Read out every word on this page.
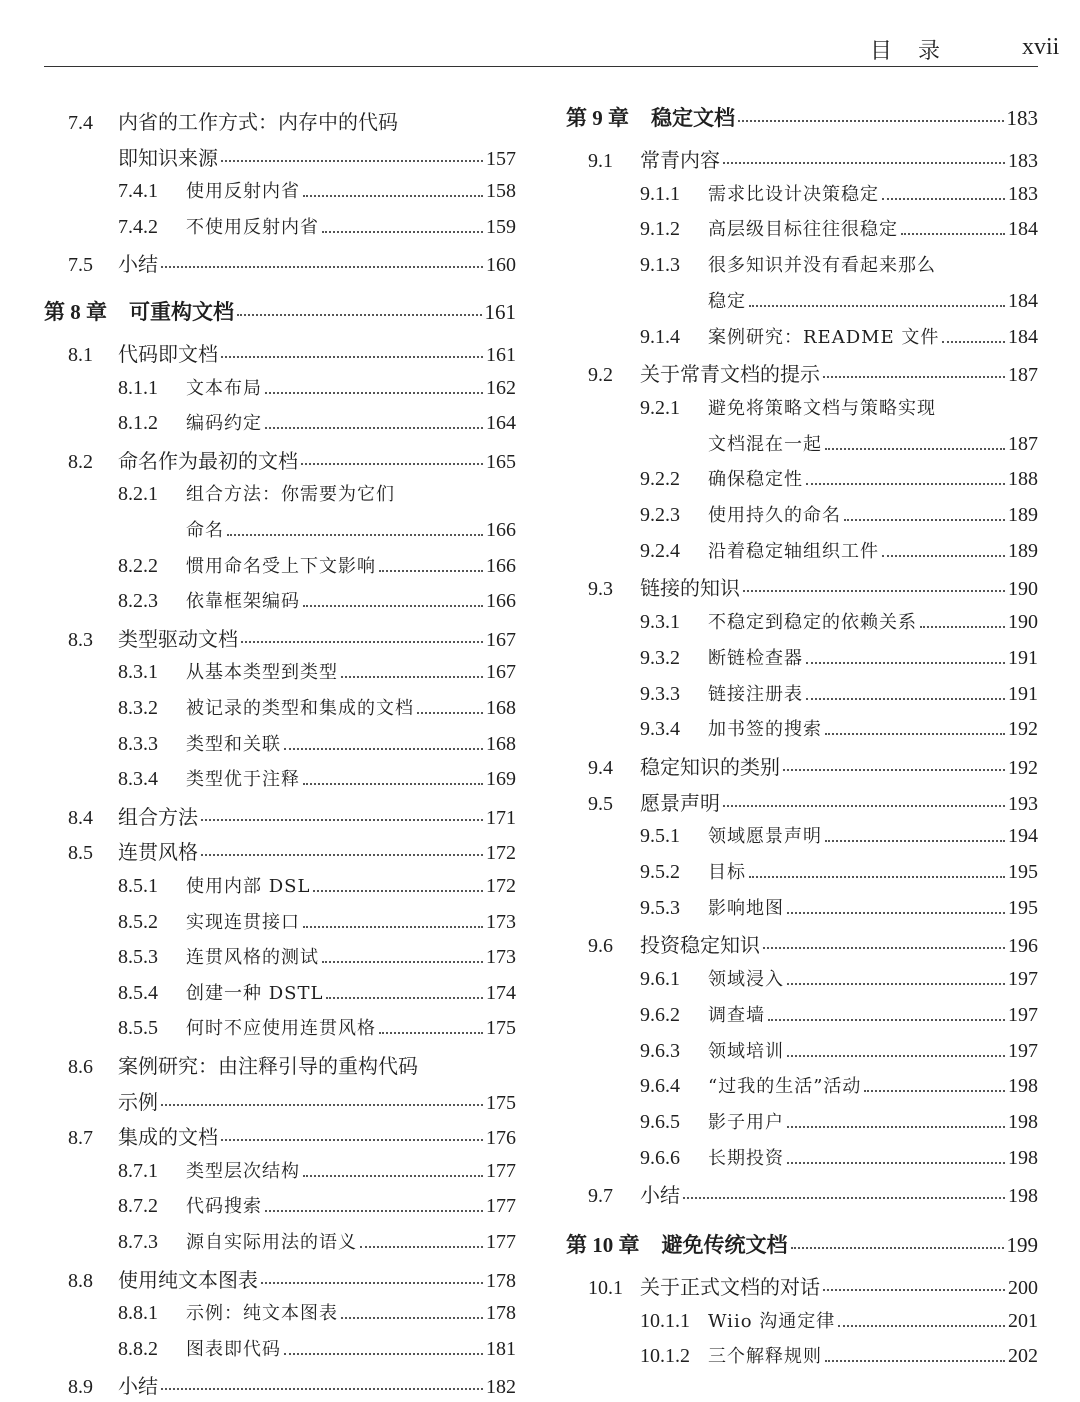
目　录	xvii
7.4	内省的工作方式：内存中的代码
即知识来源	157
7.4.1	使用反射内省	158
7.4.2	不使用反射内省	159
7.5	小结	160
第 8 章 可重构文档	161
8.1	代码即文档	161
8.1.1	文本布局	162
8.1.2	编码约定	164
8.2	命名作为最初的文档	165
8.2.1	组合方法：你需要为它们
命名	166
8.2.2	惯用命名受上下文影响	166
8.2.3	依靠框架编码	166
8.3	类型驱动文档	167
8.3.1	从基本类型到类型	167
8.3.2	被记录的类型和集成的文档	168
8.3.3	类型和关联	168
8.3.4	类型优于注释	169
8.4	组合方法	171
8.5	连贯风格	172
8.5.1	使用内部 DSL	172
8.5.2	实现连贯接口	173
8.5.3	连贯风格的测试	173
8.5.4	创建一种 DSTL	174
8.5.5	何时不应使用连贯风格	175
8.6	案例研究：由注释引导的重构代码
示例	175
8.7	集成的文档	176
8.7.1	类型层次结构	177
8.7.2	代码搜索	177
8.7.3	源自实际用法的语义	177
8.8	使用纯文本图表	178
8.8.1	示例：纯文本图表	178
8.8.2	图表即代码	181
8.9	小结	182
第 9 章 稳定文档	183
9.1	常青内容	183
9.1.1	需求比设计决策稳定	183
9.1.2	高层级目标往往很稳定	184
9.1.3	很多知识并没有看起来那么
稳定	184
9.1.4	案例研究：README 文件	184
9.2	关于常青文档的提示	187
9.2.1	避免将策略文档与策略实现
文档混在一起	187
9.2.2	确保稳定性	188
9.2.3	使用持久的命名	189
9.2.4	沿着稳定轴组织工件	189
9.3	链接的知识	190
9.3.1	不稳定到稳定的依赖关系	190
9.3.2	断链检查器	191
9.3.3	链接注册表	191
9.3.4	加书签的搜索	192
9.4	稳定知识的类别	192
9.5	愿景声明	193
9.5.1	领域愿景声明	194
9.5.2	目标	195
9.5.3	影响地图	195
9.6	投资稳定知识	196
9.6.1	领域浸入	197
9.6.2	调查墙	197
9.6.3	领域培训	197
9.6.4	“过我的生活”活动	198
9.6.5	影子用户	198
9.6.6	长期投资	198
9.7	小结	198
第 10 章 避免传统文档	199
10.1 关于正式文档的对话	200
10.1.1	Wiio 沟通定律	201
10.1.2	三个解释规则	202
